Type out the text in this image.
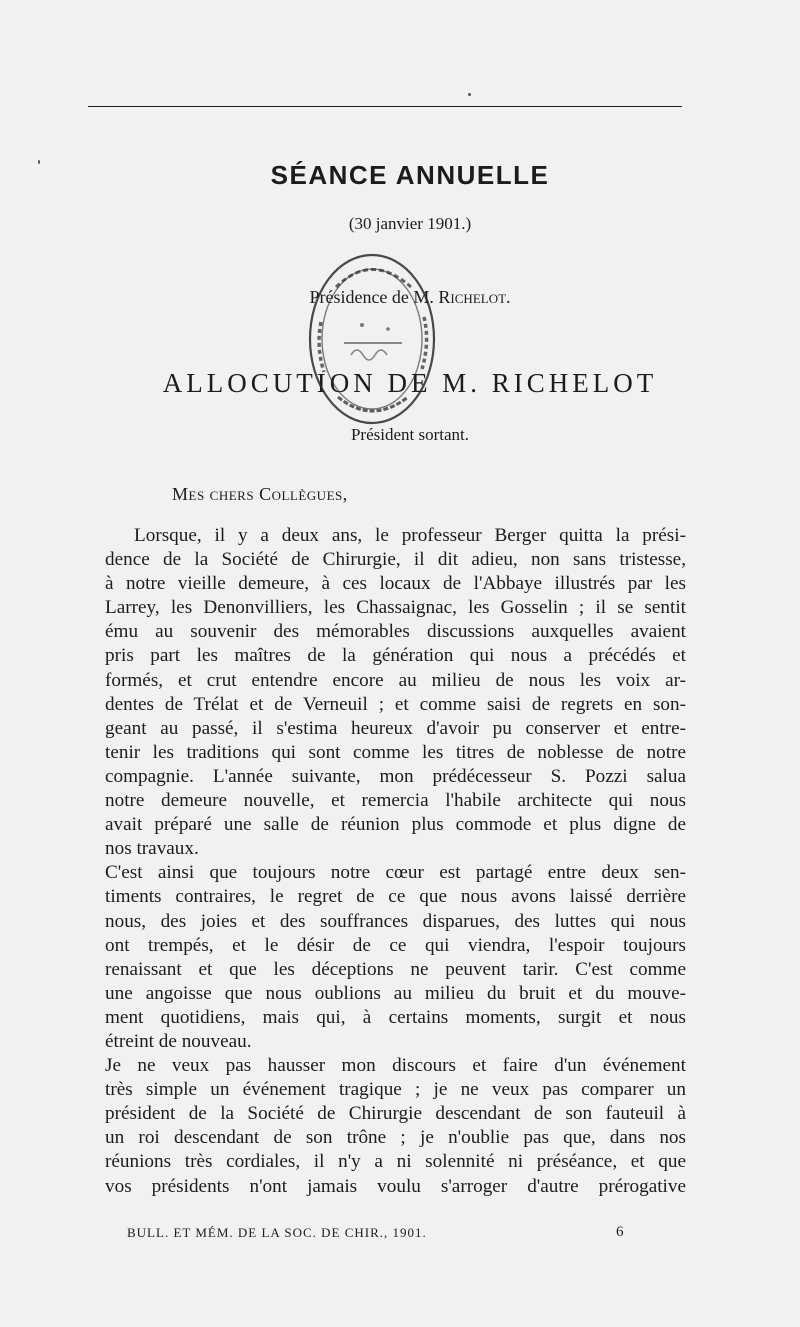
SÉANCE ANNUELLE
(30 janvier 1901.)
Présidence de M. Richelot.
ALLOCUTION DE M. RICHELOT
Président sortant.
Mes chers Collègues,
Lorsque, il y a deux ans, le professeur Berger quitta la prési-
dence de la Société de Chirurgie, il dit adieu, non sans tristesse,
à notre vieille demeure, à ces locaux de l'Abbaye illustrés par les
Larrey, les Denonvilliers, les Chassaignac, les Gosselin ; il se sentit
ému au souvenir des mémorables discussions auxquelles avaient
pris part les maîtres de la génération qui nous a précédés et
formés, et crut entendre encore au milieu de nous les voix ar-
dentes de Trélat et de Verneuil ; et comme saisi de regrets en son-
geant au passé, il s'estima heureux d'avoir pu conserver et entre-
tenir les traditions qui sont comme les titres de noblesse de notre
compagnie. L'année suivante, mon prédécesseur S. Pozzi salua
notre demeure nouvelle, et remercia l'habile architecte qui nous
avait préparé une salle de réunion plus commode et plus digne de
nos travaux.
C'est ainsi que toujours notre cœur est partagé entre deux sen-
timents contraires, le regret de ce que nous avons laissé derrière
nous, des joies et des souffrances disparues, des luttes qui nous
ont trempés, et le désir de ce qui viendra, l'espoir toujours
renaissant et que les déceptions ne peuvent tarir. C'est comme
une angoisse que nous oublions au milieu du bruit et du mouve-
ment quotidiens, mais qui, à certains moments, surgit et nous
étreint de nouveau.
Je ne veux pas hausser mon discours et faire d'un événement
très simple un événement tragique ; je ne veux pas comparer un
président de la Société de Chirurgie descendant de son fauteuil à
un roi descendant de son trône ; je n'oublie pas que, dans nos
réunions très cordiales, il n'y a ni solennité ni préséance, et que
vos présidents n'ont jamais voulu s'arroger d'autre prérogative
BULL. ET MÉM. DE LA SOC. DE CHIR., 1901.	6
